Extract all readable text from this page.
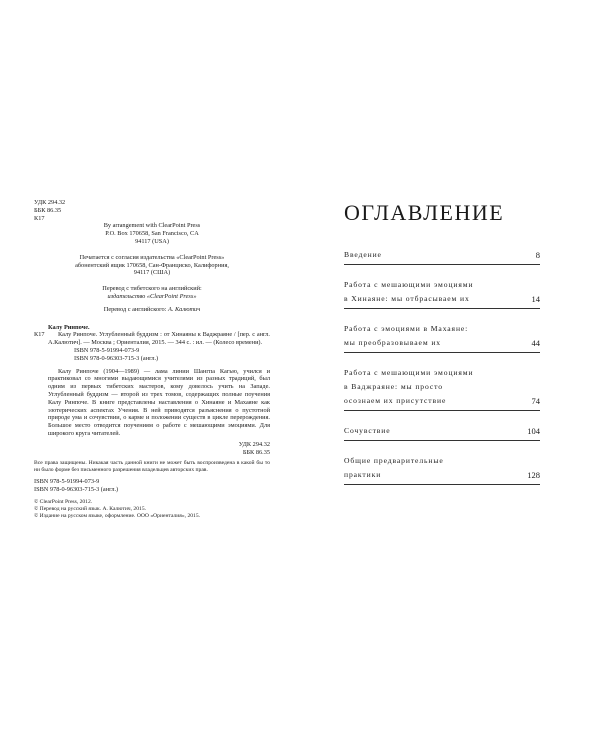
УДК 294.32
ББК 86.35
К17
By arrangement with ClearPoint Press
P.O. Box 170658, San Francisco, CA
94117 (USA)
Печатается с согласия издательства «ClearPoint Press»
абонентский ящик 170658, Сан-Франциско, Калифорния,
94117 (США)
Перевод с тибетского на английский:
издательство «ClearPoint Press»
Перевод с английского: А. Калютич
Калу Ринпоче.
К17	Калу Ринпоче. Углубленный буддизм : от Хинаяны к Ваджраяне / [пер. с англ. А.Калютич]. — Москва ; Ориенталия, 2015. — 344 с. : ил. — (Колесо времени).
ISBN 978-5-91994-073-9
ISBN 978-0-96303-715-3 (англ.)
Калу Ринпоче (1904—1989) — лама линии Шангпа Кагью, учился и практиковал со многими выдающимися учителями из разных традиций, был одним из первых тибетских мастеров, кому довелось учить на Западе. Углубленный буддизм — второй из трех томов, содержащих полные поучения Калу Ринпоче. В книге представлены наставления о Хинаяне и Махаяне как эзотерических аспектах Учения. В ней приводятся разъяснения о пустотной природе ума и сочувствии, о карме и положении существ в цикле перерождения. Большое место отводится поучениям о работе с мешающими эмоциями. Для широкого круга читателей.
УДК 294.32
ББК 86.35
Все права защищены. Никакая часть данной книги не может быть воспроизведена в какой бы то ни было форме без письменного разрешения владельцев авторских прав.
ISBN 978-5-91994-073-9
ISBN 978-0-96303-715-3 (англ.)
© ClearPoint Press, 2012.
© Перевод на русский язык. А. Калютич, 2015.
© Издание на русском языке, оформление. ООО «Ориенталия», 2015.
ОГЛАВЛЕНИЕ
Введение	8
Работа с мешающими эмоциями
в Хинаяне: мы отбрасываем их	14
Работа с эмоциями в Махаяне:
мы преобразовываем их	44
Работа с мешающими эмоциями
в Ваджраяне: мы просто
осознаем их присутствие	74
Сочувствие	104
Общие предварительные
практики	128
